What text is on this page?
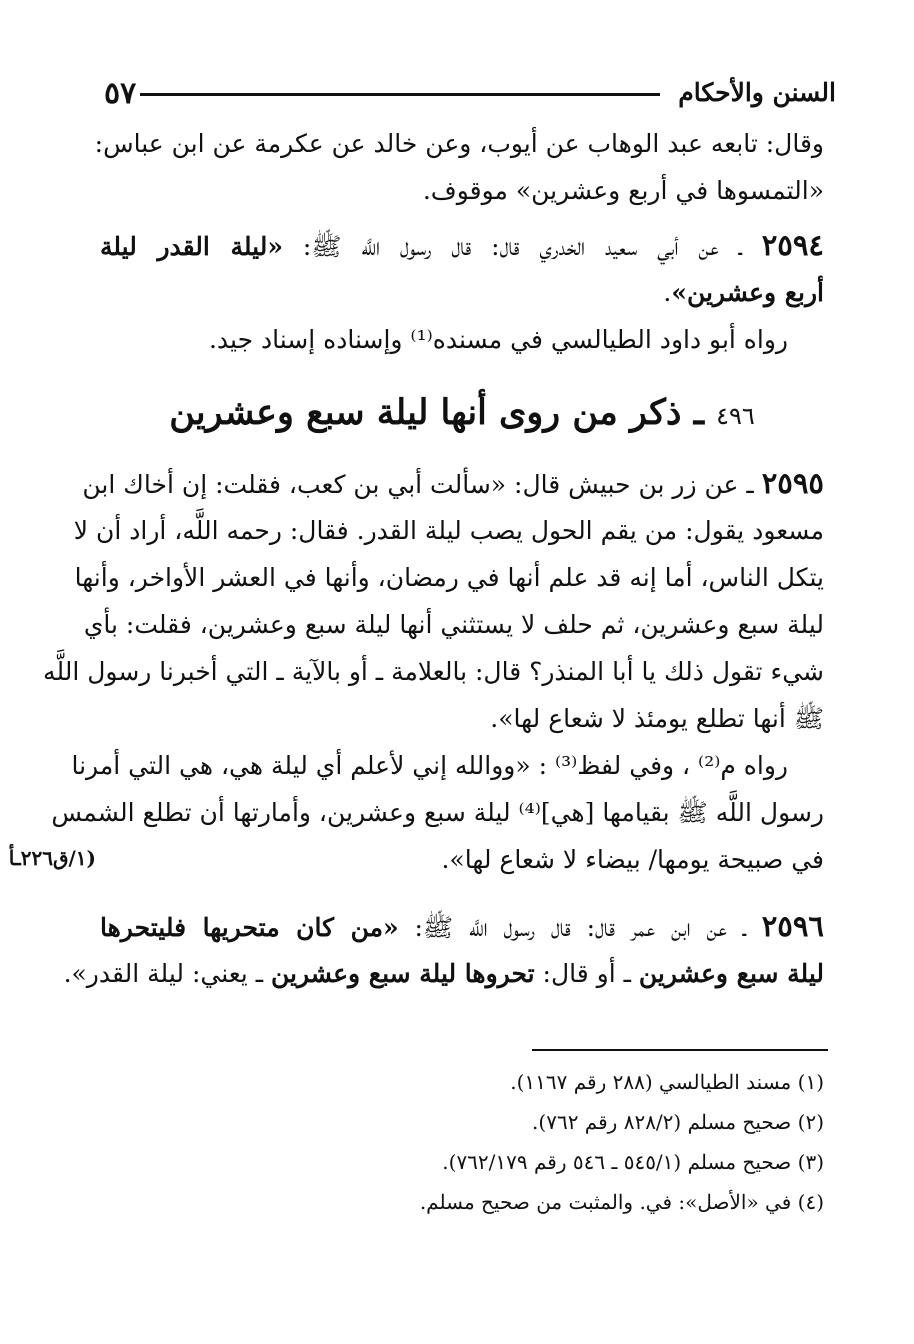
٥٧	السنن والأحكام
وقال: تابعه عبد الوهاب عن أيوب، وعن خالد عن عكرمة عن ابن عباس:
«التمسوها في أربع وعشرين» موقوف.
٢٥٩٤ ـ عن أبي سعيد الخدري قال: قال رسول اللَّه ﷺ: «ليلة القدر ليلة
أربع وعشرين».
رواه أبو داود الطيالسي في مسنده⁽¹⁾ وإسناده إسناد جيد.
٤٩٦ ـ ذكر من روى أنها ليلة سبع وعشرين
٢٥٩٥ ـ عن زر بن حبيش قال: «سألت أبي بن كعب، فقلت: إن أخاك ابن
مسعود يقول: من يقم الحول يصب ليلة القدر. فقال: رحمه اللَّه، أراد أن لا
يتكل الناس، أما إنه قد علم أنها في رمضان، وأنها في العشر الأواخر، وأنها
ليلة سبع وعشرين، ثم حلف لا يستثني أنها ليلة سبع وعشرين، فقلت: بأي
شيء تقول ذلك يا أبا المنذر؟ قال: بالعلامة ـ أو بالآية ـ التي أخبرنا رسول اللَّه
ﷺ أنها تطلع يومئذ لا شعاع لها».
رواه م⁽²⁾ ، وفي لفظ⁽³⁾ : «ووالله إني لأعلم أي ليلة هي، هي التي أمرنا
رسول اللَّه ﷺ بقيامها [هي]⁽⁴⁾ ليلة سبع وعشرين، وأمارتها أن تطلع الشمس
في صبيحة يومها/ بيضاء لا شعاع لها».
(١/ق٢٢٦ـأ
٢٥٩٦ ـ عن ابن عمر قال: قال رسول اللَّه ﷺ: «من كان متحريها فليتحرها
ليلة سبع وعشرين ـ أو قال: تحروها ليلة سبع وعشرين ـ يعني: ليلة القدر».
(١) مسند الطيالسي (٢٨٨ رقم ١١٦٧).
(٢) صحيح مسلم (٨٢٨/٢ رقم ٧٦٢).
(٣) صحيح مسلم (٥٤٥/١ ـ ٥٤٦ رقم ٧٦٢/١٧٩).
(٤) في «الأصل»: في. والمثبت من صحيح مسلم.
